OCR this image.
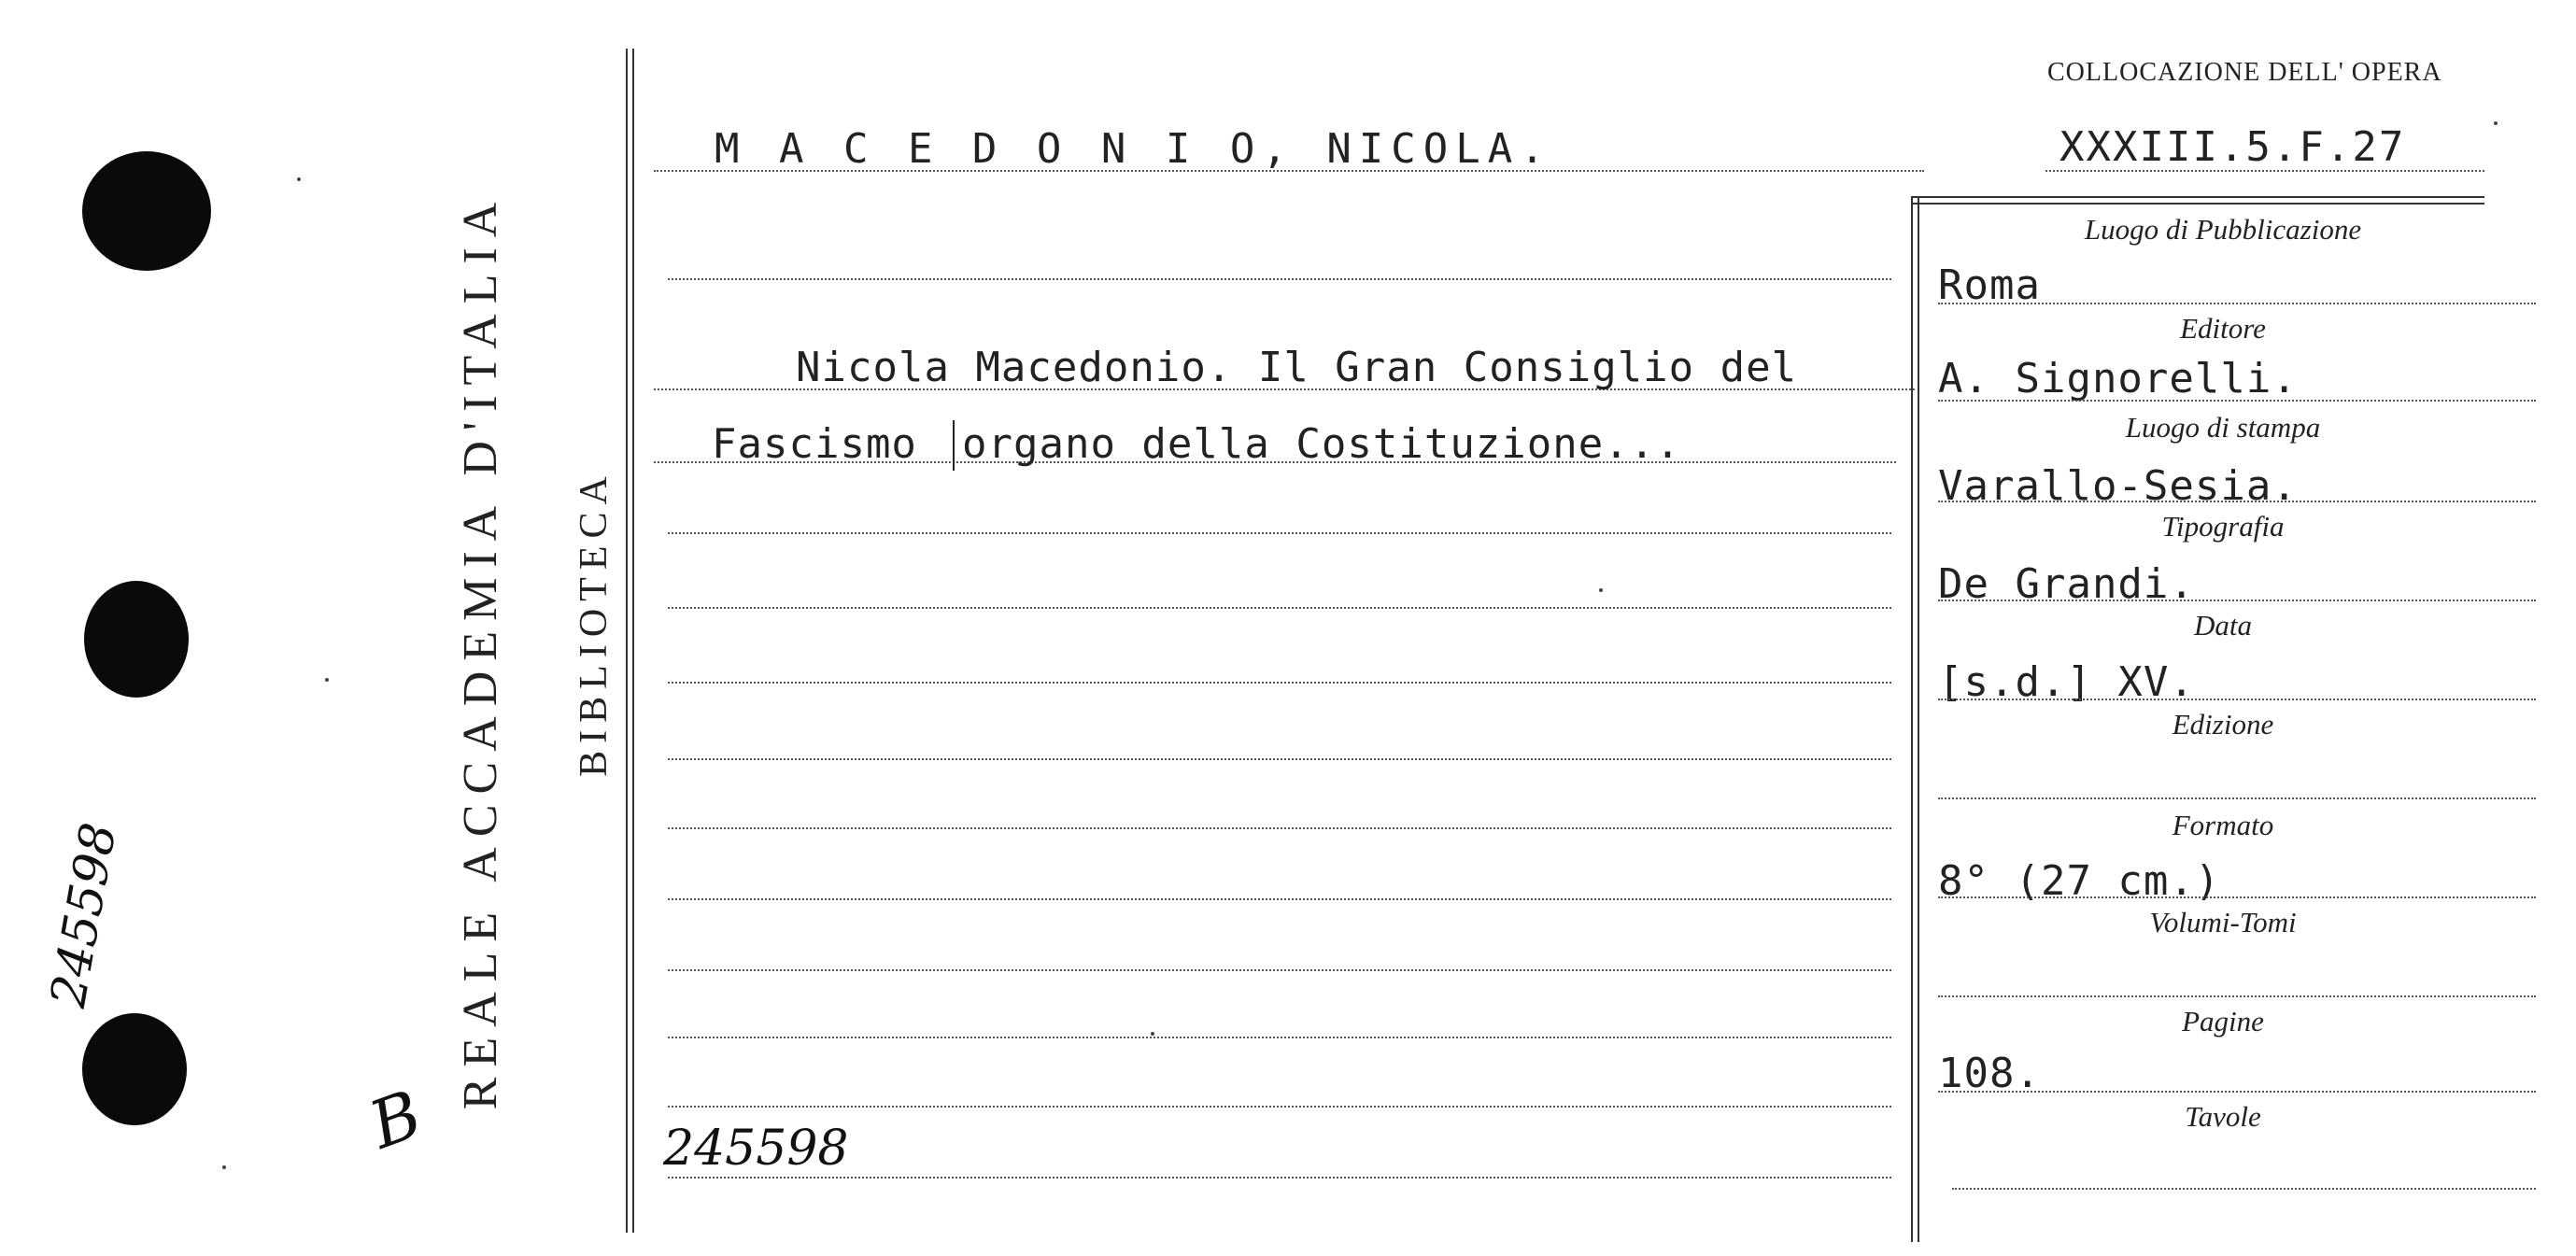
245598
B
REALE ACCADEMIA D'ITALIA BIBLIOTECA
COLLOCAZIONE DELL' OPERA
XXXIII.5.F.27
M A C E D O N I O, NICOLA.
Nicola Macedonio. Il Gran Consiglio del
Fascismo organo della Costituzione...
245598
Luogo di Pubblicazione
Roma
Editore
A. Signorelli.
Luogo di stampa
Varallo-Sesia.
Tipografia
De Grandi.
Data
[s.d.] XV.
Edizione
Formato
8° (27 cm.)
Volumi-Tomi
Pagine
108.
Tavole
